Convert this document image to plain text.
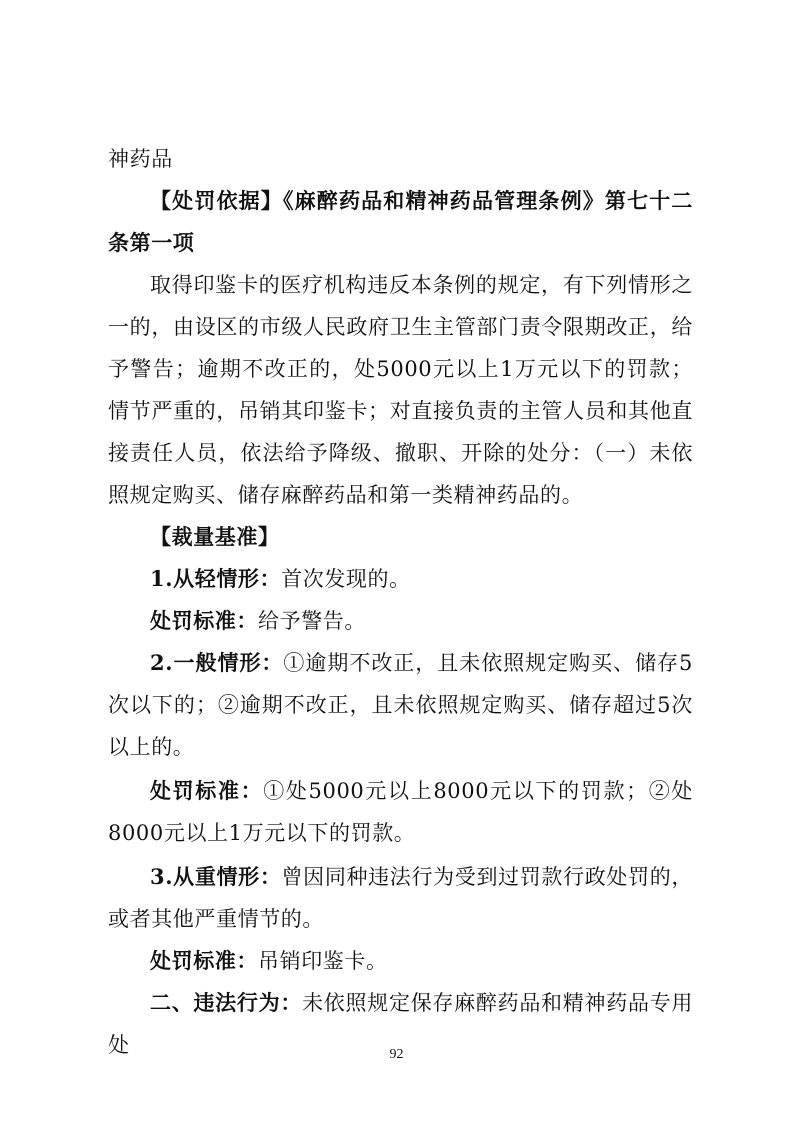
神药品

【处罚依据】《麻醉药品和精神药品管理条例》第七十二条第一项

取得印鉴卡的医疗机构违反本条例的规定，有下列情形之一的，由设区的市级人民政府卫生主管部门责令限期改正，给予警告；逾期不改正的，处5000元以上1万元以下的罚款；情节严重的，吊销其印鉴卡；对直接负责的主管人员和其他直接责任人员，依法给予降级、撤职、开除的处分：（一）未依照规定购买、储存麻醉药品和第一类精神药品的。

【裁量基准】

1.从轻情形：首次发现的。

处罚标准：给予警告。

2.一般情形：①逾期不改正，且未依照规定购买、储存5次以下的；②逾期不改正，且未依照规定购买、储存超过5次以上的。

处罚标准：①处5000元以上8000元以下的罚款；②处8000元以上1万元以下的罚款。

3.从重情形：曾因同种违法行为受到过罚款行政处罚的，或者其他严重情节的。

处罚标准：吊销印鉴卡。

二、违法行为：未依照规定保存麻醉药品和精神药品专用处	92
